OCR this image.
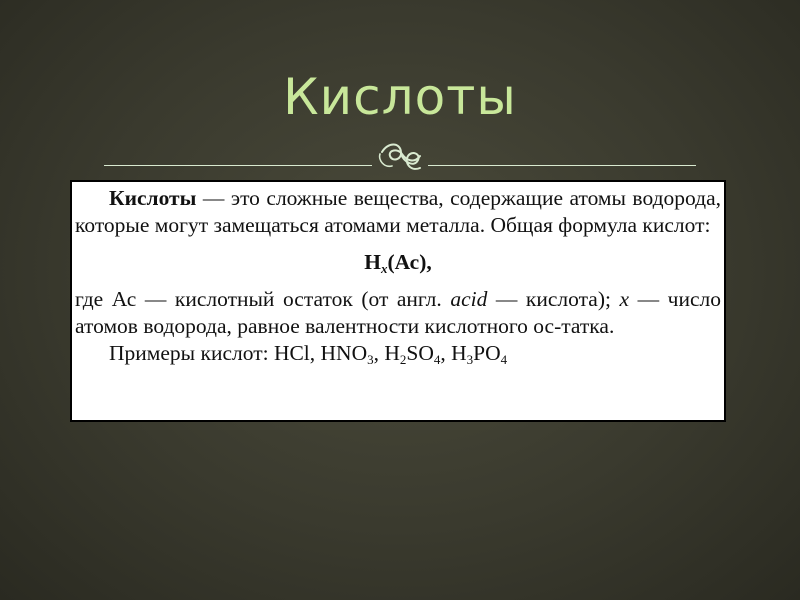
Кислоты

Кислоты — это сложные вещества, содержащие атомы водорода, которые могут замещаться атомами металла. Общая формула кислот:

$H_x(Ас)$,

где Ас — кислотный остаток (от англ. acid — кислота); x — число атомов водорода, равное валентности кислотного ос-татка.

Примеры кислот: HCl, $HNO_3$, $H_2SO_4$, $H_3PO_4$
